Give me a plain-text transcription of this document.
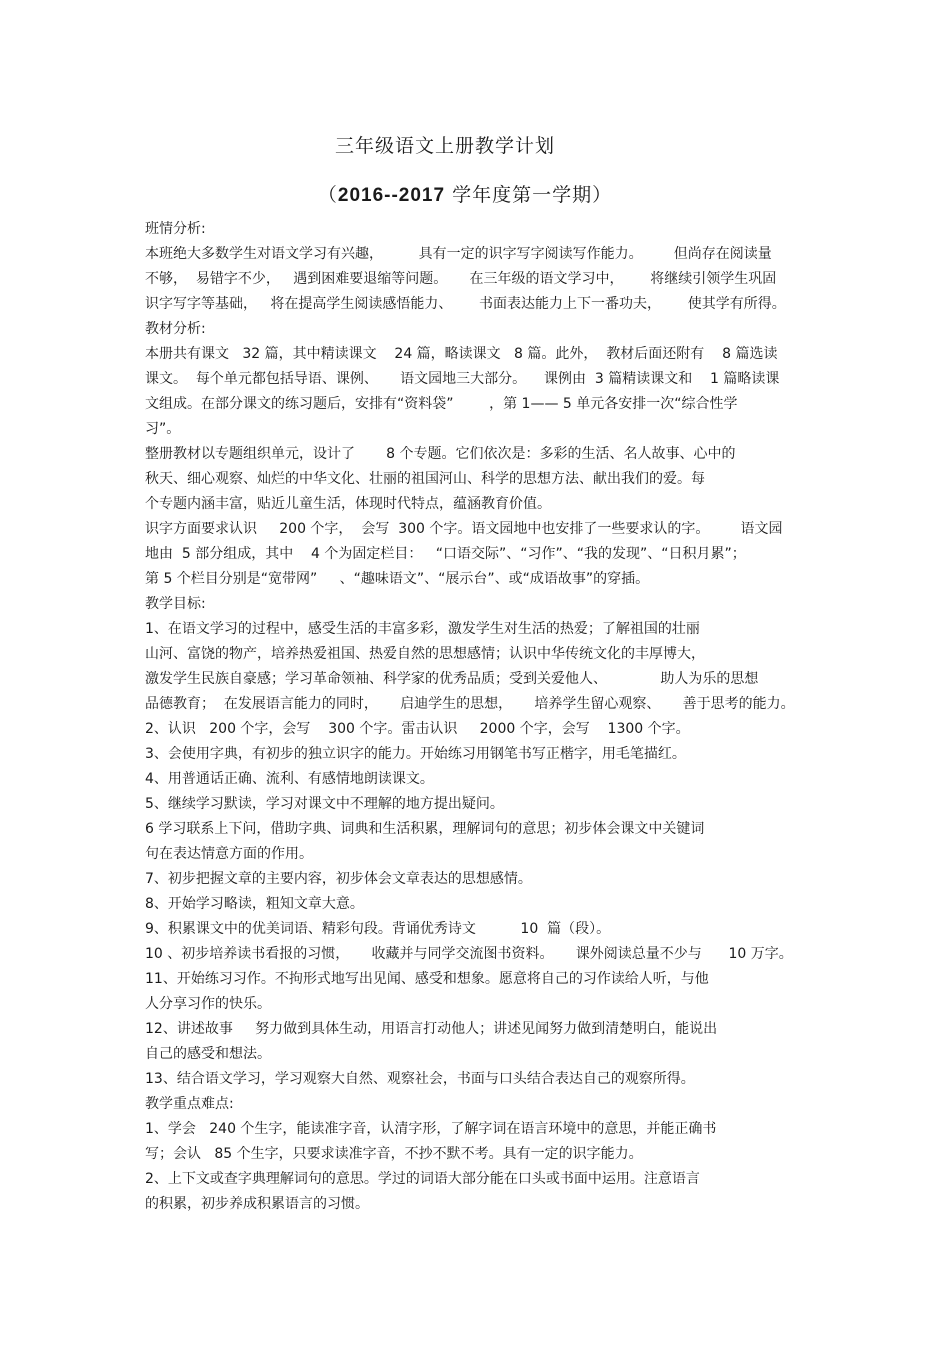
三年级语文上册教学计划
（2016--2017 学年度第一学期）
班情分析:
本班绝大多数学生对语文学习有兴趣，        具有一定的识字写字阅读写作能力。       但尚存在阅读量
不够，  易错字不少，   遇到困难要退缩等问题。     在三年级的语文学习中，      将继续引领学生巩固
识字写字等基础，   将在提高学生阅读感悟能力、      书面表达能力上下一番功夫，      使其学有所得。
教材分析:
本册共有课文   32 篇，其中精读课文    24 篇，略读课文   8 篇。此外，  教材后面还附有    8 篇选读
课文。  每个单元都包括导语、课例、     语文园地三大部分。    课例由  3 篇精读课文和    1 篇略读课
文组成。在部分课文的练习题后，安排有“资料袋”        ，第 1—— 5 单元各安排一次“综合性学
习”。
整册教材以专题组织单元，设计了       8 个专题。它们依次是：多彩的生活、名人故事、心中的
秋天、细心观察、灿烂的中华文化、壮丽的祖国河山、科学的思想方法、献出我们的爱。每
个专题内涵丰富，贴近儿童生活，体现时代特点，蕴涵教育价值。
识字方面要求认识     200 个字，  会写  300 个字。语文园地中也安排了一些要求认的字。       语文园
地由  5 部分组成，其中    4 个为固定栏目：   “口语交际”、“习作”、“我的发现”、“日积月累”；
第 5 个栏目分别是“宽带网”     、“趣味语文”、“展示台”、或“成语故事”的穿插。
教学目标:
1、在语文学习的过程中，感受生活的丰富多彩，激发学生对生活的热爱；了解祖国的壮丽
山河、富饶的物产，培养热爱祖国、热爱自然的思想感情；认识中华传统文化的丰厚博大，
激发学生民族自豪感；学习革命领袖、科学家的优秀品质；受到关爱他人、            助人为乐的思想
品德教育；  在发展语言能力的同时，     启迪学生的思想，     培养学生留心观察、     善于思考的能力。
2、认识   200 个字，会写    300 个字。雷击认识     2000 个字，会写    1300 个字。
3、会使用字典，有初步的独立识字的能力。开始练习用钢笔书写正楷字，用毛笔描红。
4、用普通话正确、流利、有感情地朗读课文。
5、继续学习默读，学习对课文中不理解的地方提出疑问。
6 学习联系上下问，借助字典、词典和生活积累，理解词句的意思；初步体会课文中关键词
句在表达情意方面的作用。
7、初步把握文章的主要内容，初步体会文章表达的思想感情。
8、开始学习略读，粗知文章大意。
9、积累课文中的优美词语、精彩句段。背诵优秀诗文          10  篇（段）。
10 、初步培养读书看报的习惯，     收藏并与同学交流图书资料。     课外阅读总量不少与      10 万字。
11、开始练习习作。不拘形式地写出见闻、感受和想象。愿意将自己的习作读给人听，与他
人分享习作的快乐。
12、讲述故事     努力做到具体生动，用语言打动他人；讲述见闻努力做到清楚明白，能说出
自己的感受和想法。
13、结合语文学习，学习观察大自然、观察社会，书面与口头结合表达自己的观察所得。
教学重点难点:
1、学会   240 个生字，能读准字音，认清字形，了解字词在语言环境中的意思，并能正确书
写；会认   85 个生字，只要求读准字音，不抄不默不考。具有一定的识字能力。
2、上下文或查字典理解词句的意思。学过的词语大部分能在口头或书面中运用。注意语言
的积累，初步养成积累语言的习惯。
